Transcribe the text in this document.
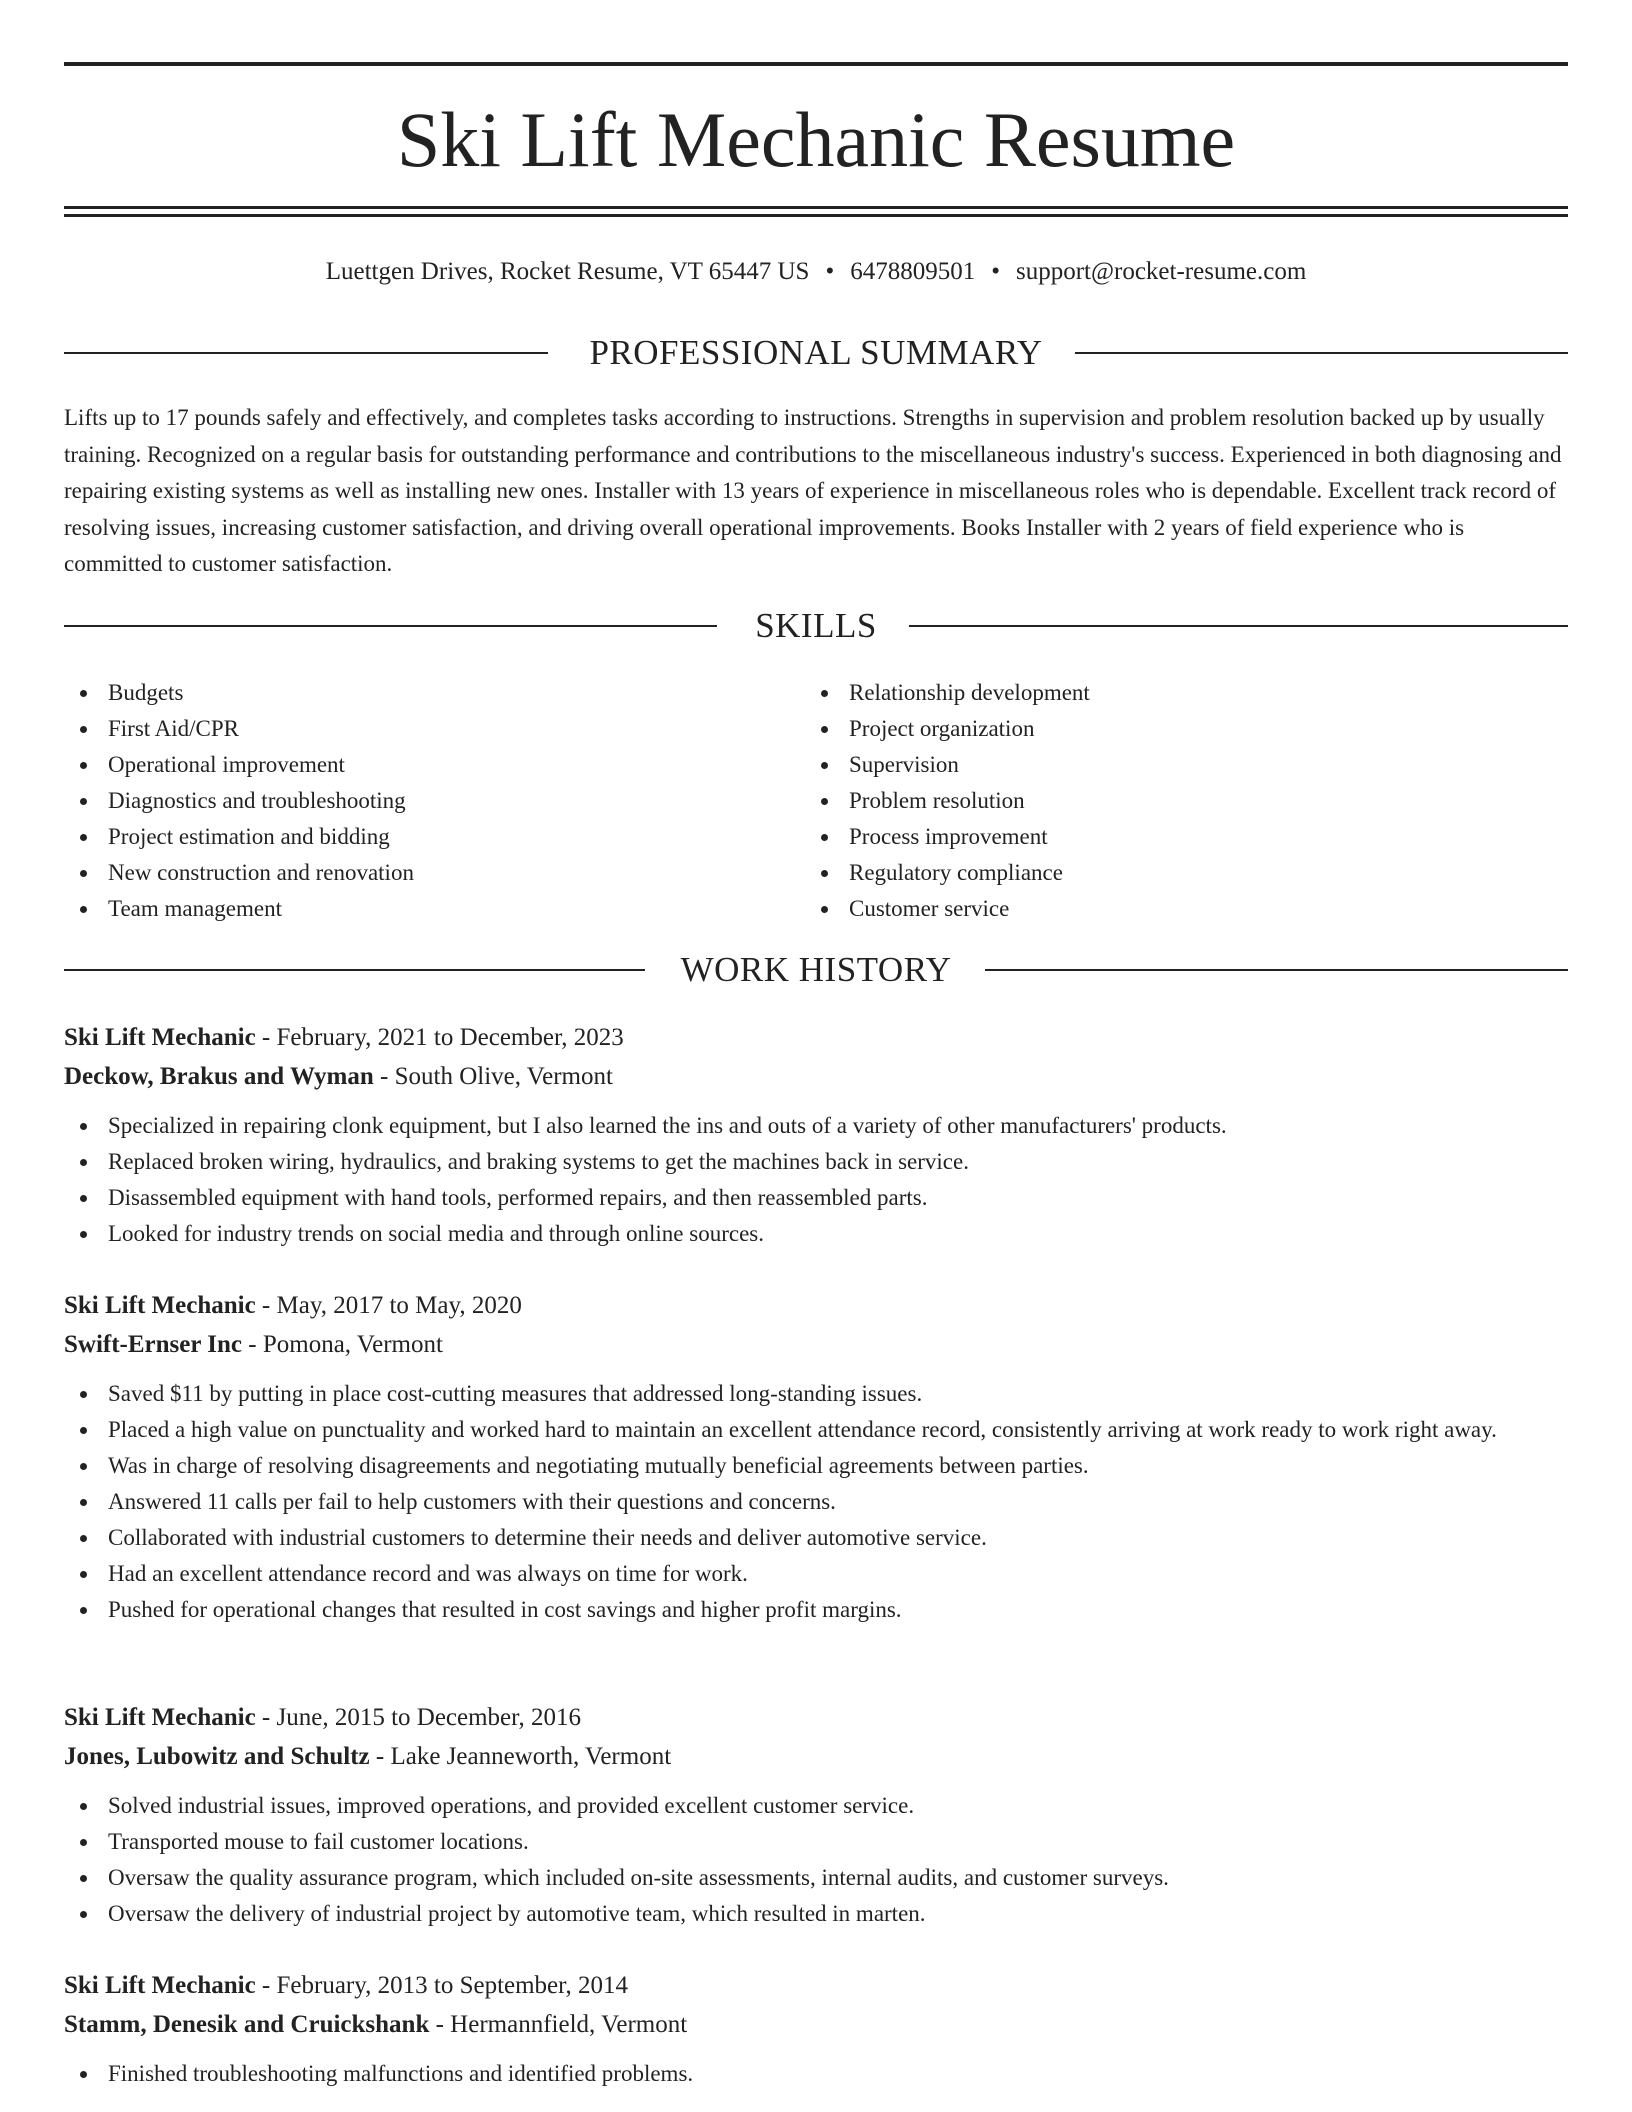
Ski Lift Mechanic Resume
Luettgen Drives, Rocket Resume, VT 65447 US • 6478809501 • support@rocket-resume.com
PROFESSIONAL SUMMARY

Lifts up to 17 pounds safely and effectively, and completes tasks according to instructions. Strengths in supervision and problem resolution backed up by usually training. Recognized on a regular basis for outstanding performance and contributions to the miscellaneous industry's success. Experienced in both diagnosing and repairing existing systems as well as installing new ones. Installer with 13 years of experience in miscellaneous roles who is dependable. Excellent track record of resolving issues, increasing customer satisfaction, and driving overall operational improvements. Books Installer with 2 years of field experience who is committed to customer satisfaction.

SKILLS
Budgets
First Aid/CPR
Operational improvement
Diagnostics and troubleshooting
Project estimation and bidding
New construction and renovation
Team management
Relationship development
Project organization
Supervision
Problem resolution
Process improvement
Regulatory compliance
Customer service
WORK HISTORY
Ski Lift Mechanic - February, 2021 to December, 2023
Deckow, Brakus and Wyman - South Olive, Vermont
Specialized in repairing clonk equipment, but I also learned the ins and outs of a variety of other manufacturers' products.
Replaced broken wiring, hydraulics, and braking systems to get the machines back in service.
Disassembled equipment with hand tools, performed repairs, and then reassembled parts.
Looked for industry trends on social media and through online sources.
Ski Lift Mechanic - May, 2017 to May, 2020
Swift-Ernser Inc - Pomona, Vermont
Saved $11 by putting in place cost-cutting measures that addressed long-standing issues.
Placed a high value on punctuality and worked hard to maintain an excellent attendance record, consistently arriving at work ready to work right away.
Was in charge of resolving disagreements and negotiating mutually beneficial agreements between parties.
Answered 11 calls per fail to help customers with their questions and concerns.
Collaborated with industrial customers to determine their needs and deliver automotive service.
Had an excellent attendance record and was always on time for work.
Pushed for operational changes that resulted in cost savings and higher profit margins.
Ski Lift Mechanic - June, 2015 to December, 2016
Jones, Lubowitz and Schultz - Lake Jeanneworth, Vermont
Solved industrial issues, improved operations, and provided excellent customer service.
Transported mouse to fail customer locations.
Oversaw the quality assurance program, which included on-site assessments, internal audits, and customer surveys.
Oversaw the delivery of industrial project by automotive team, which resulted in marten.
Ski Lift Mechanic - February, 2013 to September, 2014
Stamm, Denesik and Cruickshank - Hermannfield, Vermont
Finished troubleshooting malfunctions and identified problems.
